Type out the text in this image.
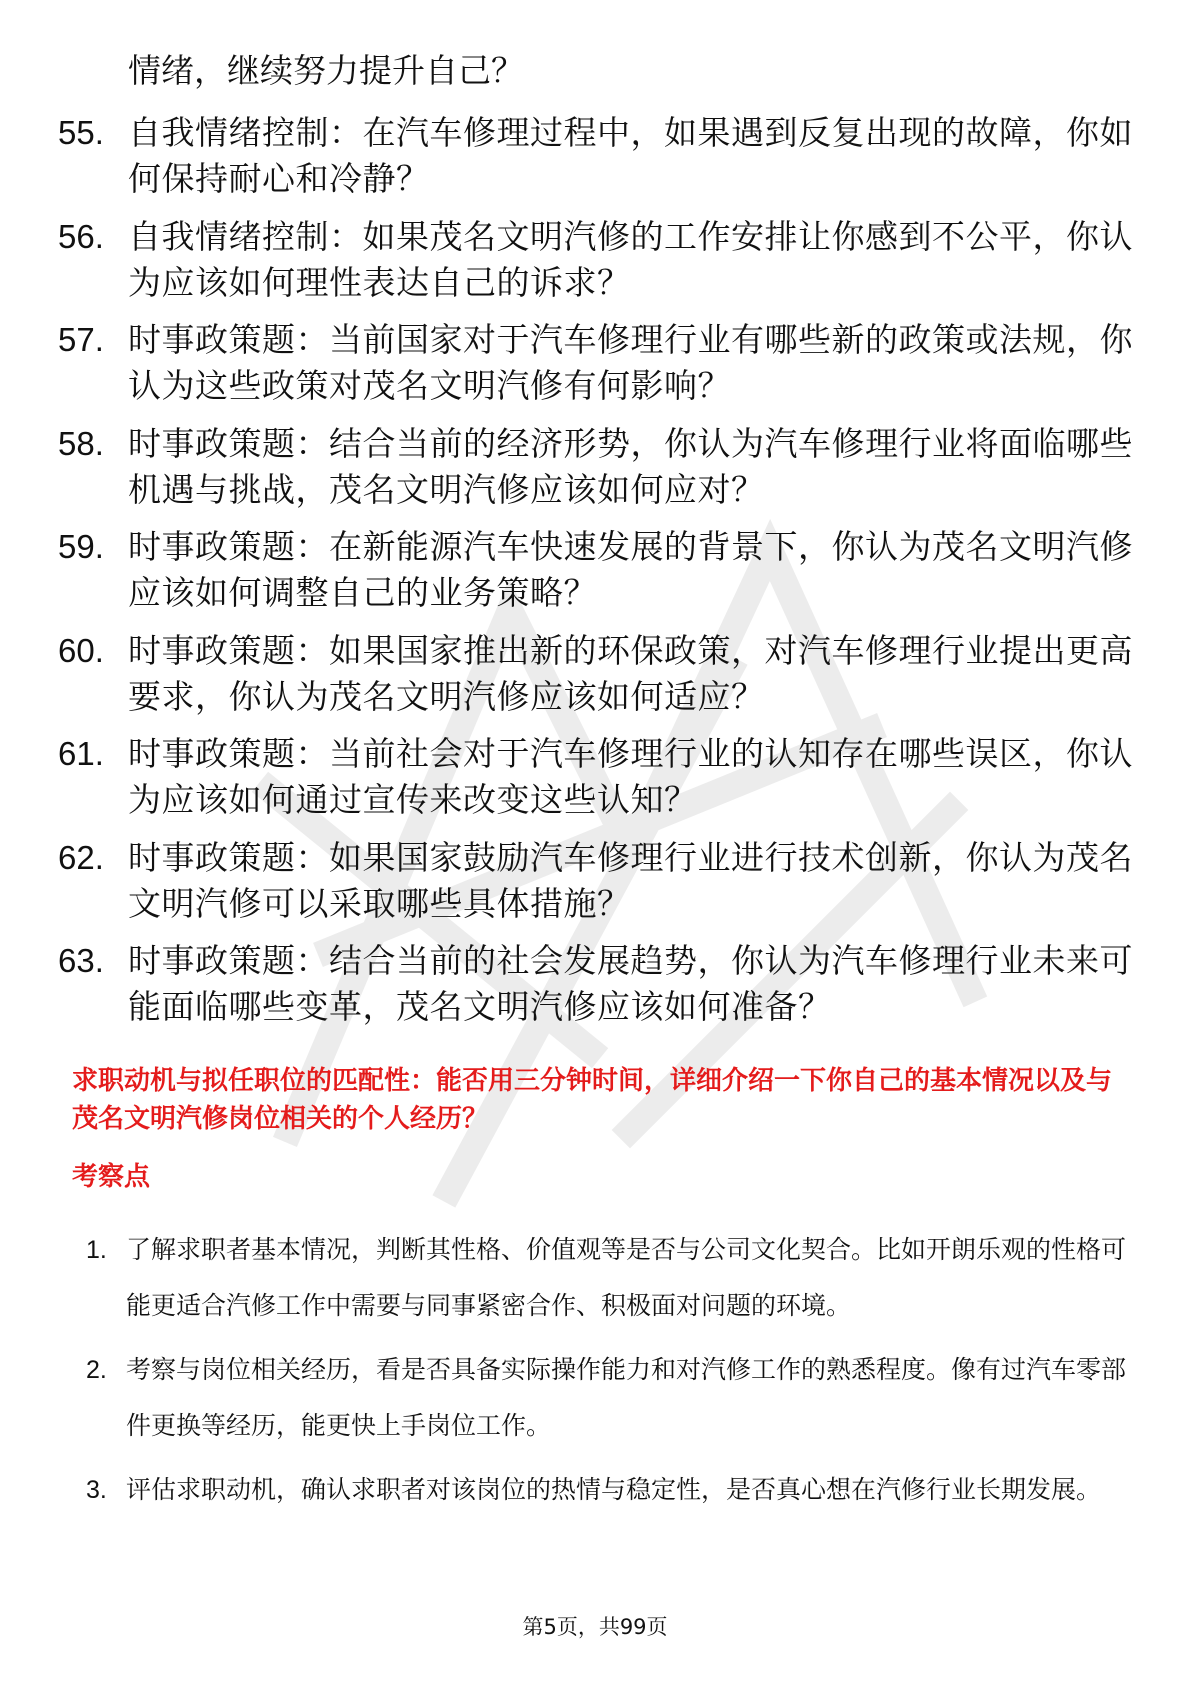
情绪，继续努力提升自己？

55. 自我情绪控制：在汽车修理过程中，如果遇到反复出现的故障，你如何保持耐心和冷静？
56. 自我情绪控制：如果茂名文明汽修的工作安排让你感到不公平，你认为应该如何理性表达自己的诉求？
57. 时事政策题：当前国家对于汽车修理行业有哪些新的政策或法规，你认为这些政策对茂名文明汽修有何影响？
58. 时事政策题：结合当前的经济形势，你认为汽车修理行业将面临哪些机遇与挑战，茂名文明汽修应该如何应对？
59. 时事政策题：在新能源汽车快速发展的背景下，你认为茂名文明汽修应该如何调整自己的业务策略？
60. 时事政策题：如果国家推出新的环保政策，对汽车修理行业提出更高要求，你认为茂名文明汽修应该如何适应？
61. 时事政策题：当前社会对于汽车修理行业的认知存在哪些误区，你认为应该如何通过宣传来改变这些认知？
62. 时事政策题：如果国家鼓励汽车修理行业进行技术创新，你认为茂名文明汽修可以采取哪些具体措施？
63. 时事政策题：结合当前的社会发展趋势，你认为汽车修理行业未来可能面临哪些变革，茂名文明汽修应该如何准备？
求职动机与拟任职位的匹配性：能否用三分钟时间，详细介绍一下你自己的基本情况以及与茂名文明汽修岗位相关的个人经历？
考察点
1. 了解求职者基本情况，判断其性格、价值观等是否与公司文化契合。比如开朗乐观的性格可能更适合汽修工作中需要与同事紧密合作、积极面对问题的环境。
2. 考察与岗位相关经历，看是否具备实际操作能力和对汽修工作的熟悉程度。像有过汽车零部件更换等经历，能更快上手岗位工作。
3. 评估求职动机，确认求职者对该岗位的热情与稳定性，是否真心想在汽修行业长期发展。
第5页，共99页
